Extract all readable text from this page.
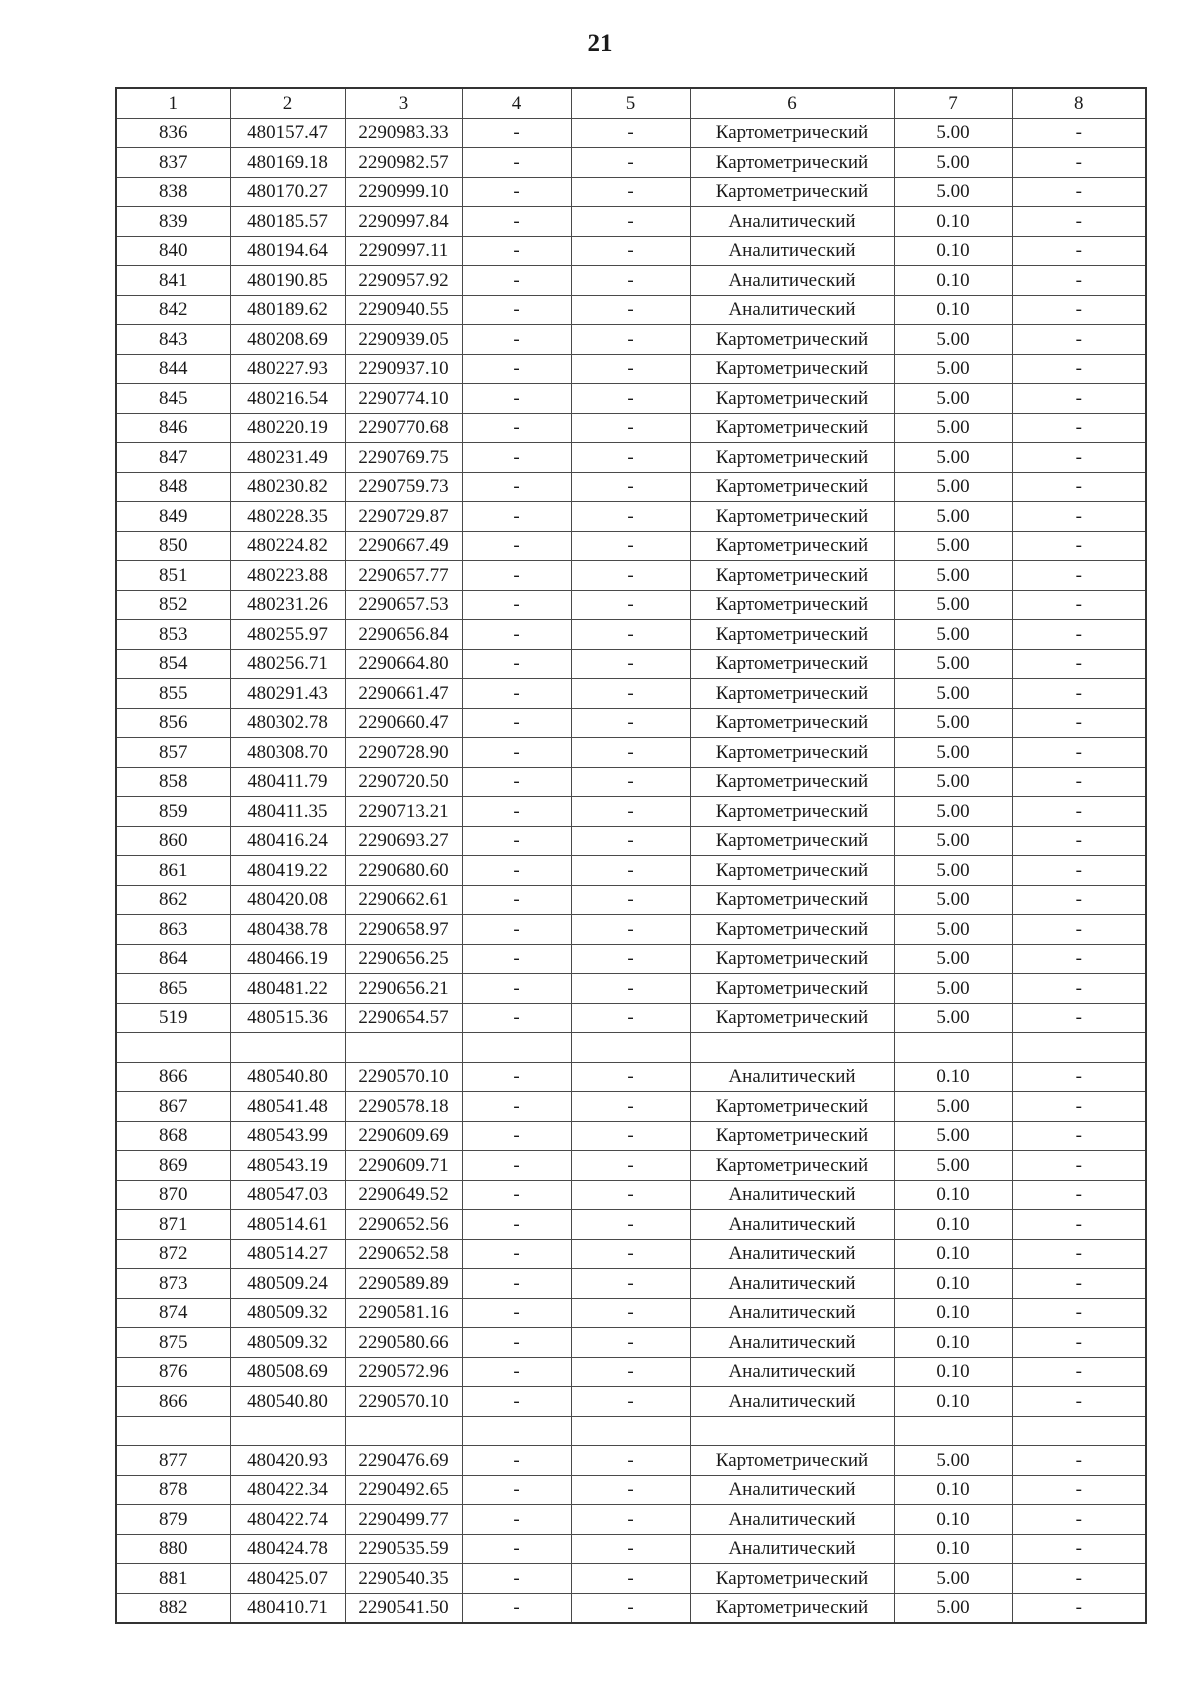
21
1	2	3	4	5	6	7	8
836	480157.47	2290983.33	-	-	Картометрический	5.00	-
837	480169.18	2290982.57	-	-	Картометрический	5.00	-
838	480170.27	2290999.10	-	-	Картометрический	5.00	-
839	480185.57	2290997.84	-	-	Аналитический	0.10	-
840	480194.64	2290997.11	-	-	Аналитический	0.10	-
841	480190.85	2290957.92	-	-	Аналитический	0.10	-
842	480189.62	2290940.55	-	-	Аналитический	0.10	-
843	480208.69	2290939.05	-	-	Картометрический	5.00	-
844	480227.93	2290937.10	-	-	Картометрический	5.00	-
845	480216.54	2290774.10	-	-	Картометрический	5.00	-
846	480220.19	2290770.68	-	-	Картометрический	5.00	-
847	480231.49	2290769.75	-	-	Картометрический	5.00	-
848	480230.82	2290759.73	-	-	Картометрический	5.00	-
849	480228.35	2290729.87	-	-	Картометрический	5.00	-
850	480224.82	2290667.49	-	-	Картометрический	5.00	-
851	480223.88	2290657.77	-	-	Картометрический	5.00	-
852	480231.26	2290657.53	-	-	Картометрический	5.00	-
853	480255.97	2290656.84	-	-	Картометрический	5.00	-
854	480256.71	2290664.80	-	-	Картометрический	5.00	-
855	480291.43	2290661.47	-	-	Картометрический	5.00	-
856	480302.78	2290660.47	-	-	Картометрический	5.00	-
857	480308.70	2290728.90	-	-	Картометрический	5.00	-
858	480411.79	2290720.50	-	-	Картометрический	5.00	-
859	480411.35	2290713.21	-	-	Картометрический	5.00	-
860	480416.24	2290693.27	-	-	Картометрический	5.00	-
861	480419.22	2290680.60	-	-	Картометрический	5.00	-
862	480420.08	2290662.61	-	-	Картометрический	5.00	-
863	480438.78	2290658.97	-	-	Картометрический	5.00	-
864	480466.19	2290656.25	-	-	Картометрический	5.00	-
865	480481.22	2290656.21	-	-	Картометрический	5.00	-
519	480515.36	2290654.57	-	-	Картометрический	5.00	-

866	480540.80	2290570.10	-	-	Аналитический	0.10	-
867	480541.48	2290578.18	-	-	Картометрический	5.00	-
868	480543.99	2290609.69	-	-	Картометрический	5.00	-
869	480543.19	2290609.71	-	-	Картометрический	5.00	-
870	480547.03	2290649.52	-	-	Аналитический	0.10	-
871	480514.61	2290652.56	-	-	Аналитический	0.10	-
872	480514.27	2290652.58	-	-	Аналитический	0.10	-
873	480509.24	2290589.89	-	-	Аналитический	0.10	-
874	480509.32	2290581.16	-	-	Аналитический	0.10	-
875	480509.32	2290580.66	-	-	Аналитический	0.10	-
876	480508.69	2290572.96	-	-	Аналитический	0.10	-
866	480540.80	2290570.10	-	-	Аналитический	0.10	-

877	480420.93	2290476.69	-	-	Картометрический	5.00	-
878	480422.34	2290492.65	-	-	Аналитический	0.10	-
879	480422.74	2290499.77	-	-	Аналитический	0.10	-
880	480424.78	2290535.59	-	-	Аналитический	0.10	-
881	480425.07	2290540.35	-	-	Картометрический	5.00	-
882	480410.71	2290541.50	-	-	Картометрический	5.00	-
